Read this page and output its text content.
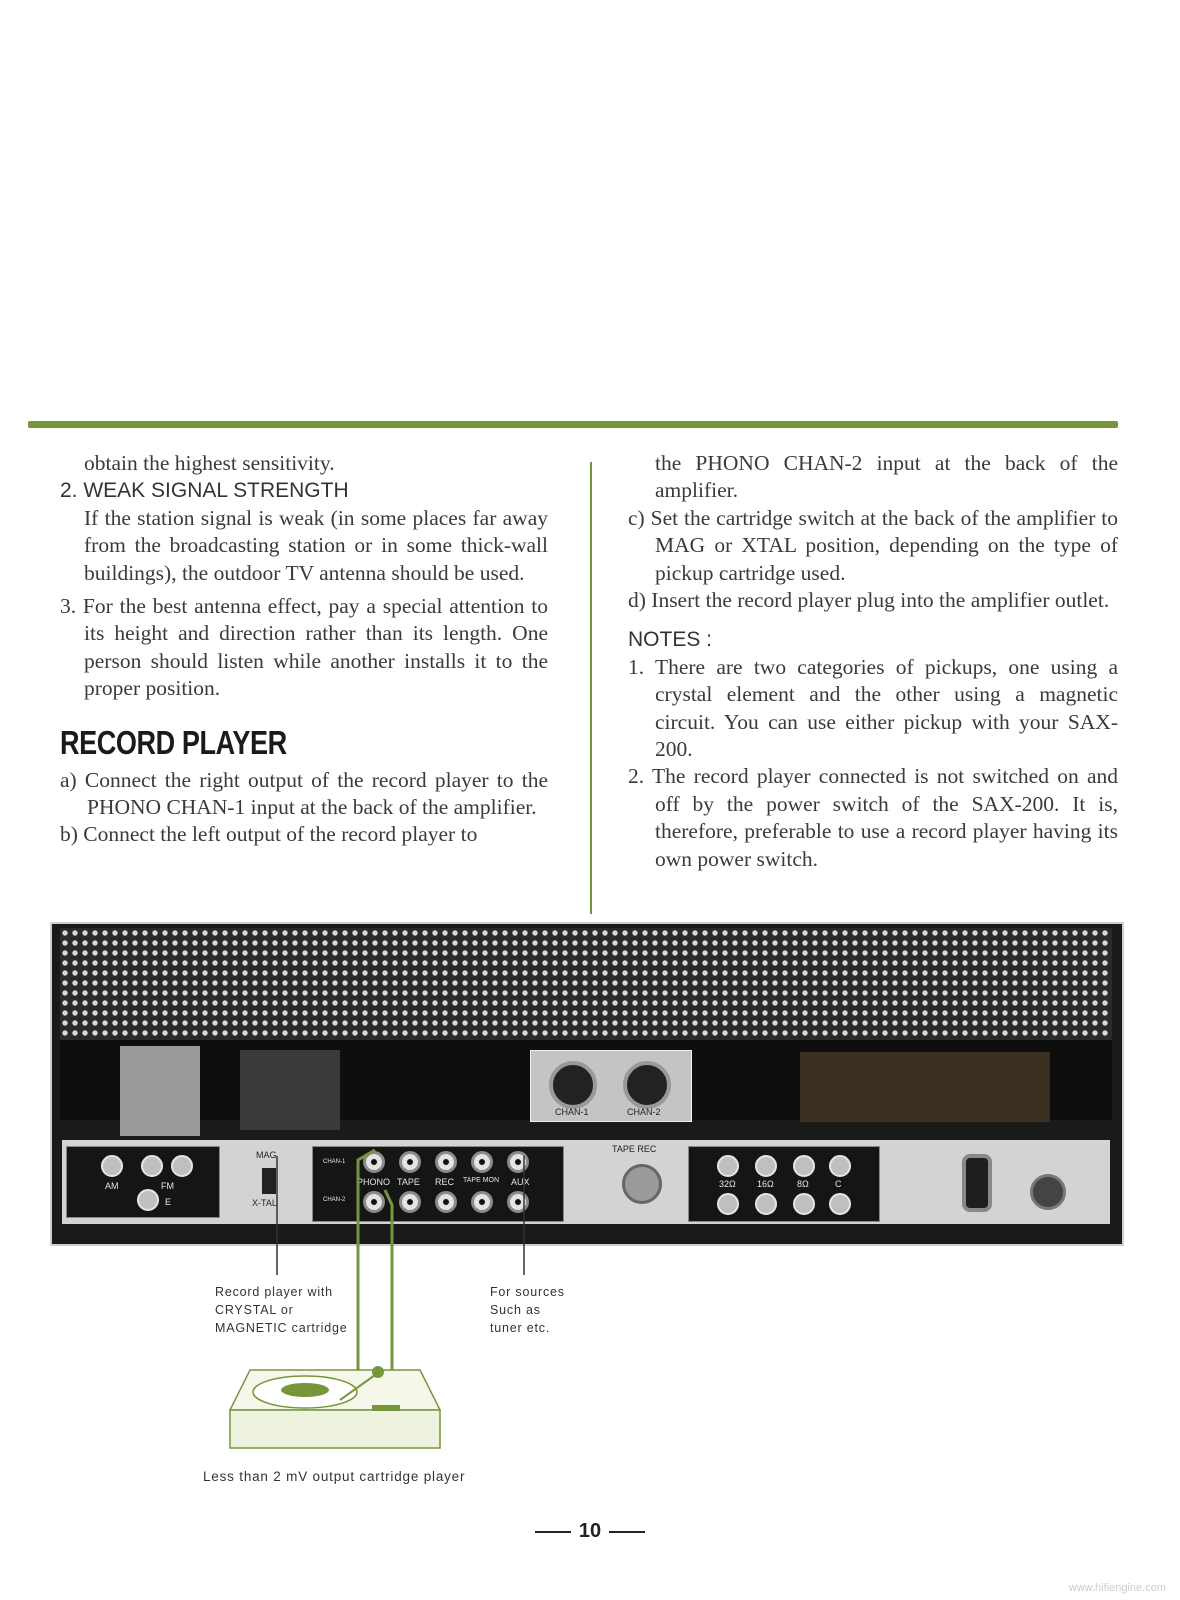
obtain the highest sensitivity.

2. WEAK SIGNAL STRENGTH

If the station signal is weak (in some places far away from the broadcasting station or in some thick-wall buildings), the outdoor TV antenna should be used.

3. For the best antenna effect, pay a special attention to its height and direction rather than its length. One person should listen while another installs it to the proper position.

RECORD PLAYER

a) Connect the right output of the record player to the PHONO CHAN-1 input at the back of the amplifier.

b) Connect the left output of the record player to

the PHONO CHAN-2 input at the back of the amplifier.

c) Set the cartridge switch at the back of the amplifier to MAG or XTAL position, depending on the type of pickup cartridge used.

d) Insert the record player plug into the amplifier outlet.

NOTES :

1. There are two categories of pickups, one using a crystal element and the other using a magnetic circuit. You can use either pickup with your SAX-200.

2. The record player connected is not switched on and off by the power switch of the SAX-200. It is, therefore, preferable to use a record player having its own power switch.

CHAN-1	CHAN-2
AM	FM
E
MAG
X-TAL
CHAN-1
CHAN-2
PHONO TAPE REC TAPE MON AUX
TAPE REC
32Ω 16Ω	8Ω	C
Record player with
CRYSTAL or
MAGNETIC cartridge
For sources
Such as
tuner etc.
Less than 2 mV output cartridge player
10
www.hifiengine.com
